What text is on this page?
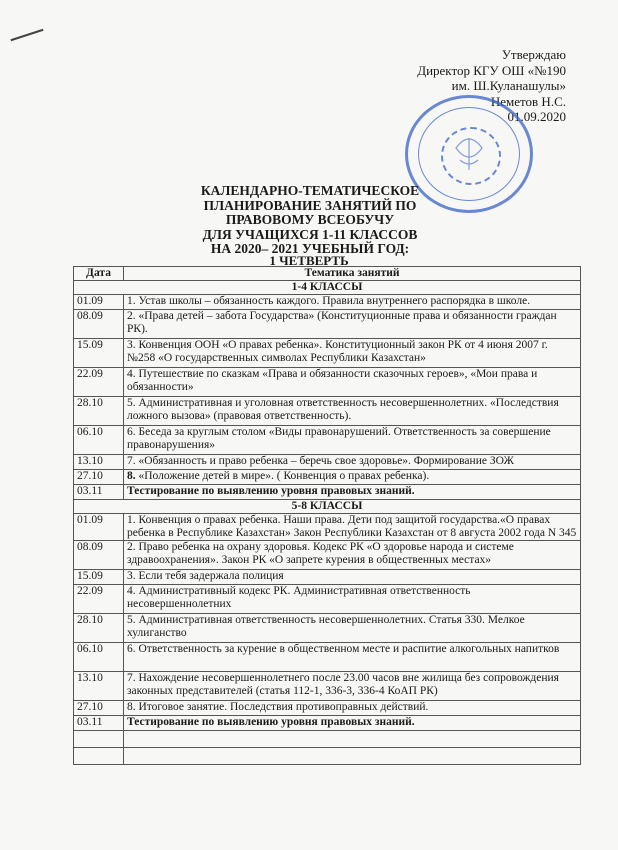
Утверждаю
Директор КГУ ОШ «№190
им. Ш.Куланашулы»
Неметов Н.С.
01.09.2020
КАЛЕНДАРНО-ТЕМАТИЧЕСКОЕ ПЛАНИРОВАНИЕ ЗАНЯТИЙ ПО
ПРАВОВОМУ ВСЕОБУЧУ
ДЛЯ УЧАЩИХСЯ 1-11 КЛАССОВ
НА 2020– 2021 УЧЕБНЫЙ ГОД:
1 ЧЕТВЕРТЬ
Дата	Тематика занятий
1-4 КЛАССЫ	
01.09	1. Устав школы – обязанность каждого. Правила внутреннего распорядка в школе.
08.09	2. «Права детей – забота Государства» (Конституционные права и обязанности граждан РК).
15.09	3. Конвенция ООН «О правах ребенка». Конституционный закон РК от 4 июня 2007 г. №258 «О государственных символах Республики Казахстан»
22.09	4. Путешествие по сказкам «Права и обязанности сказочных героев», «Мои права и обязанности»
28.10	5. Административная и уголовная ответственность несовершеннолетних. «Последствия ложного вызова» (правовая ответственность).
06.10	6. Беседа за круглым столом «Виды правонарушений. Ответственность за совершение правонарушения»
13.10	7. «Обязанность и право ребенка – беречь свое здоровье». Формирование ЗОЖ
27.10	8. «Положение детей в мире». ( Конвенция о правах ребенка).
03.11	Тестирование по выявлению уровня правовых знаний.
5-8 КЛАССЫ	
01.09	1. Конвенция о правах ребенка. Наши права. Дети под защитой государства.«О правах ребенка в Республике Казахстан» Закон Республики Казахстан от 8 августа 2002 года N 345
08.09	2. Право ребенка на охрану здоровья. Кодекс РК «О здоровье народа и системе здравоохранения». Закон РК «О запрете курения в общественных местах»
15.09	3. Если тебя задержала полиция
22.09	4. Административный кодекс РК. Административная ответственность несовершеннолетних
28.10	5. Административная ответственность несовершеннолетних. Статья 330. Мелкое хулиганство
06.10	6. Ответственность за курение в общественном месте и распитие алкогольных напитков
13.10	7. Нахождение несовершеннолетнего после 23.00 часов вне жилища без сопровождения законных представителей (статья 112-1, 336-3, 336-4 КоАП РК)
27.10	8. Итоговое занятие. Последствия противоправных действий.
03.11	Тестирование по выявлению уровня правовых знаний.
